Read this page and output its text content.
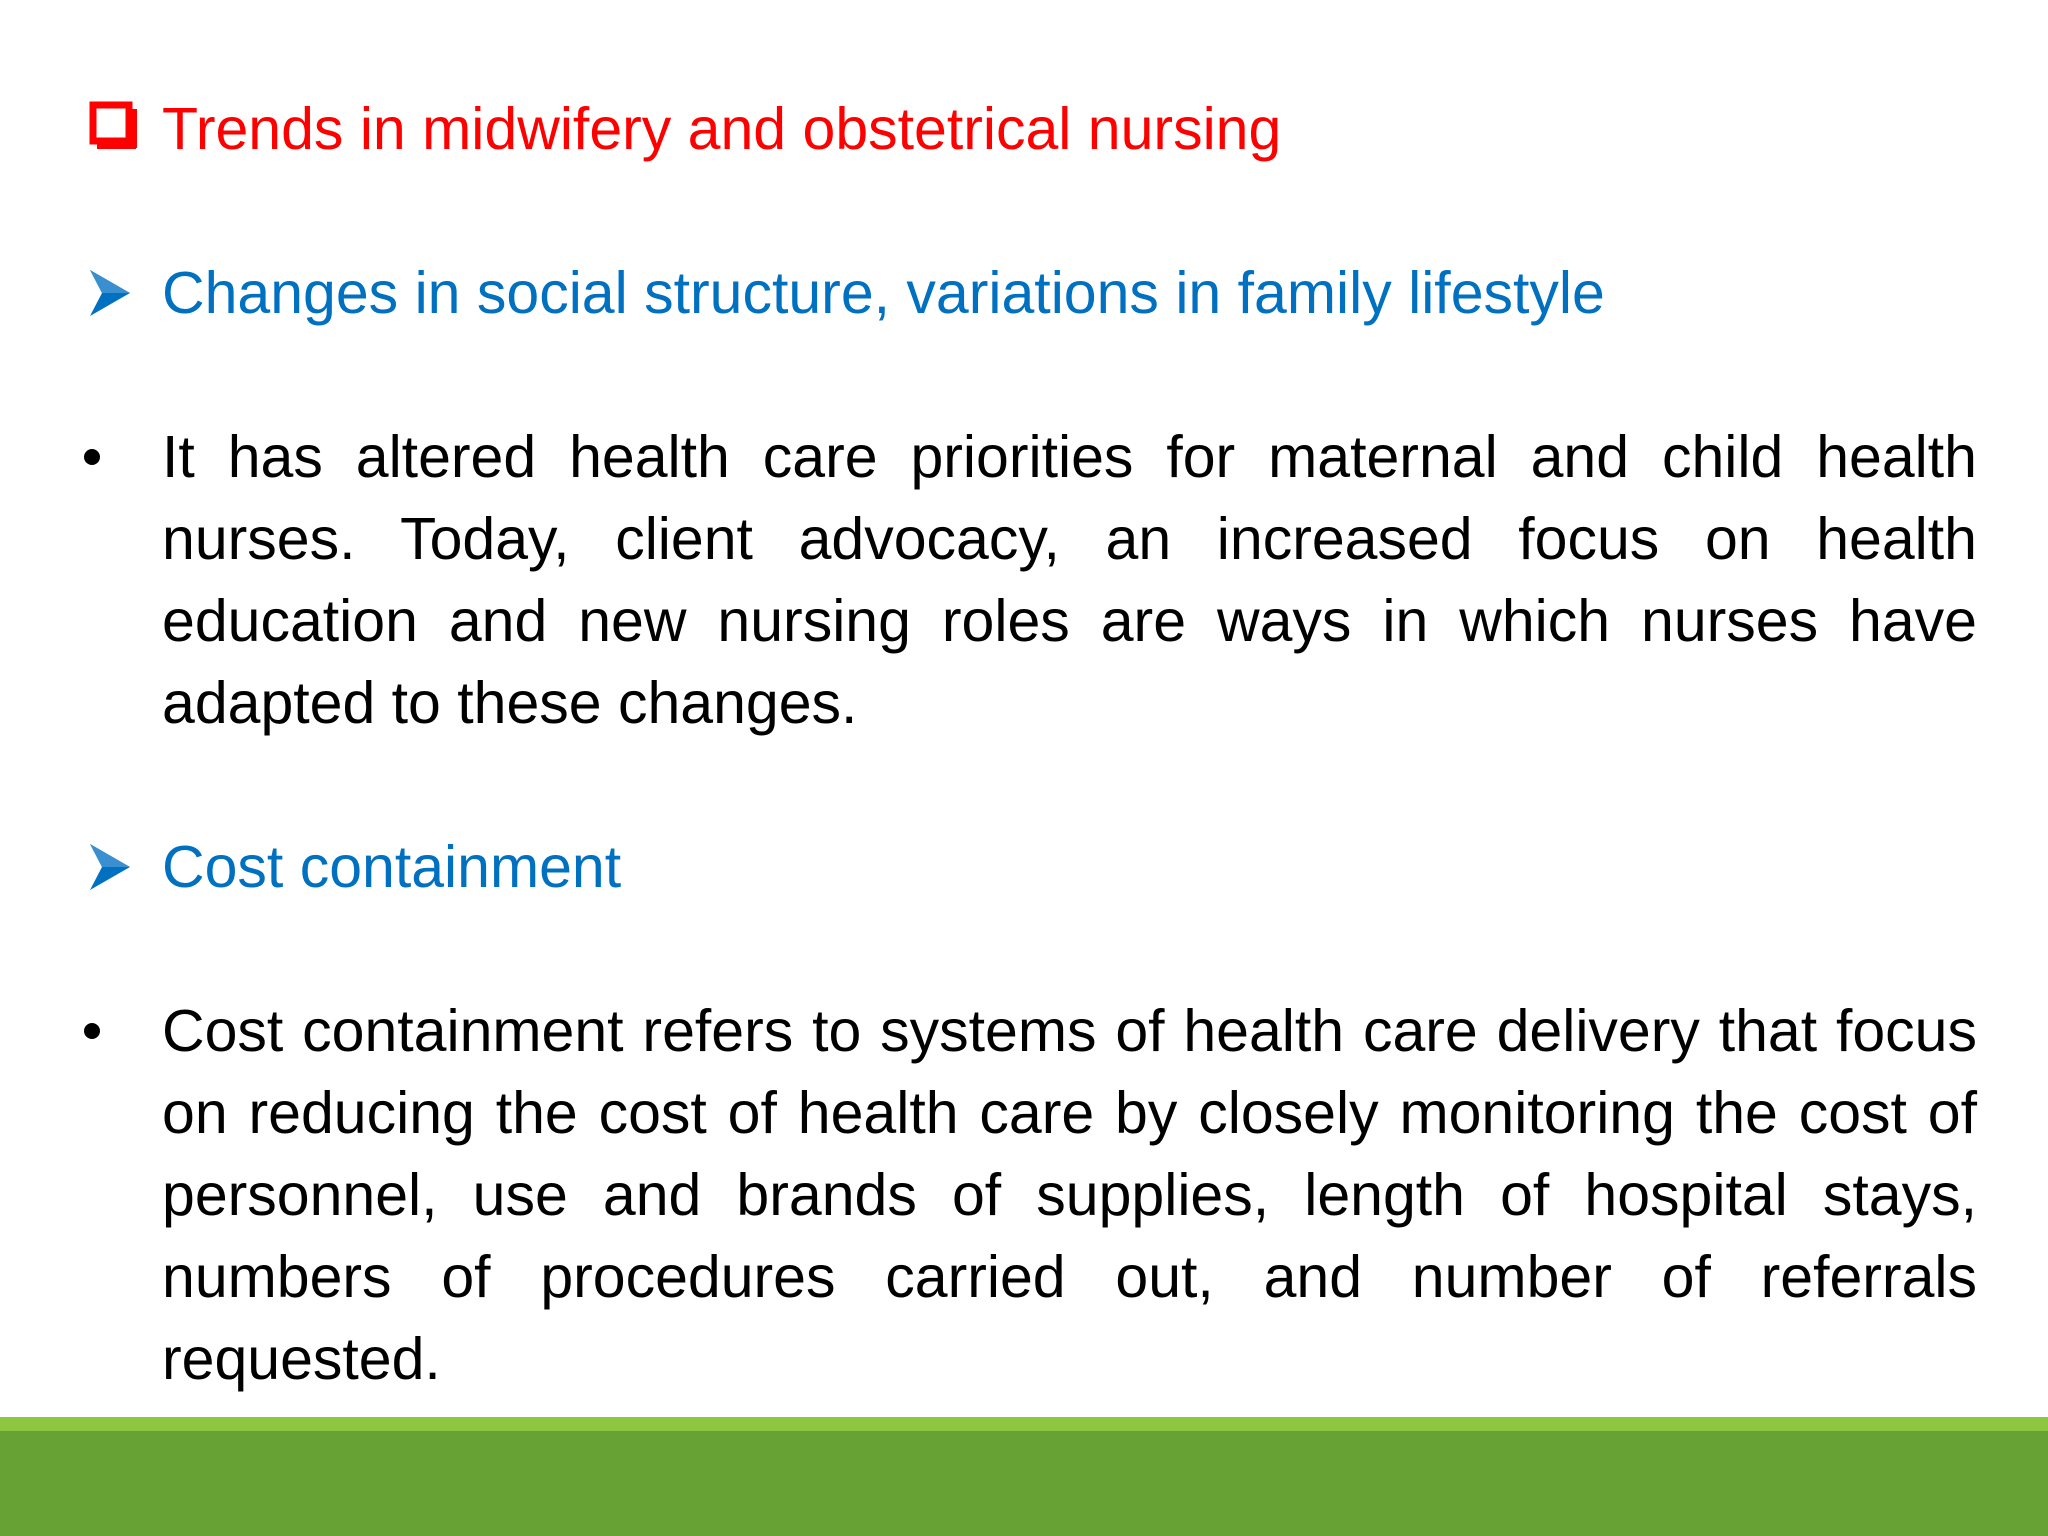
Trends in midwifery and obstetrical nursing

Changes in social structure, variations in family lifestyle

It has altered health care priorities for maternal and child health nurses. Today, client advocacy, an increased focus on health education and new nursing roles are ways in which nurses have adapted to these changes.

Cost containment

Cost containment refers to systems of health care delivery that focus on reducing the cost of health care by closely monitoring the cost of personnel, use and brands of supplies, length of hospital stays, numbers of procedures carried out, and number of referrals requested.
